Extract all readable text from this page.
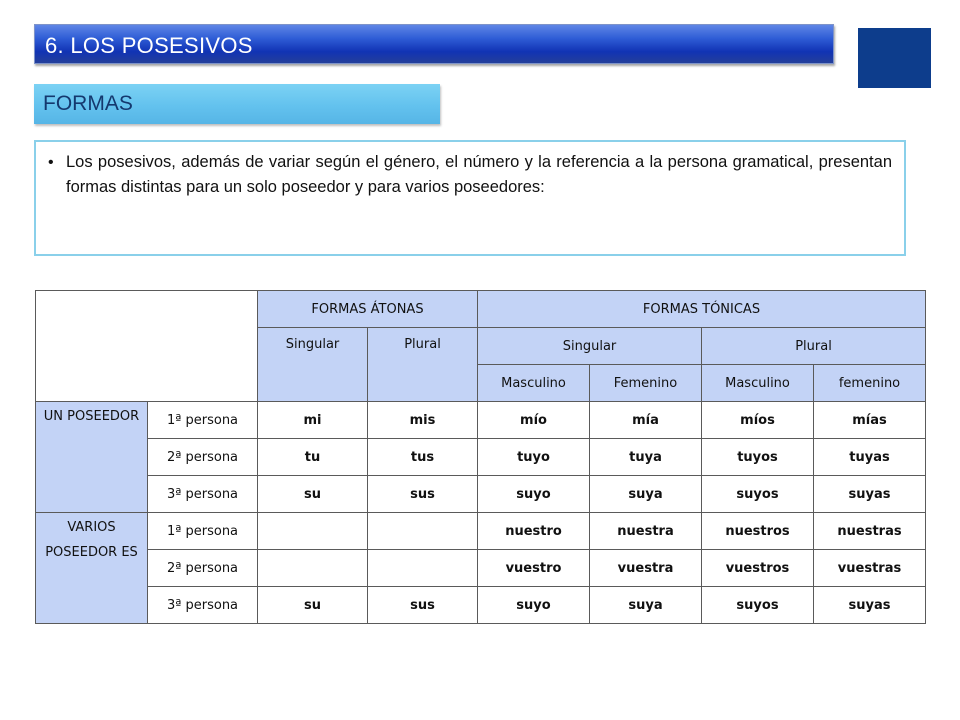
6. LOS POSESIVOS
FORMAS
• Los posesivos, además de variar según el género, el número y la referencia a la persona gramatical, presentan formas distintas para un solo poseedor y para varios poseedores:

		FORMAS ÁTONAS		FORMAS TÓNICAS			
		Singular	Plural	Singular		Plural	
				Masculino	Femenino	Masculino	femenino
UN POSEEDOR	1ª persona	mi	mis	mío	mía	míos	mías
	2ª persona	tu	tus	tuyo	tuya	tuyos	tuyas
	3ª persona	su	sus	suyo	suya	suyos	suyas
VARIOS POSEEDOR ES	1ª persona			nuestro	nuestra	nuestros	nuestras
	2ª persona			vuestro	vuestra	vuestros	vuestras
	3ª persona	su	sus	suyo	suya	suyos	suyas
